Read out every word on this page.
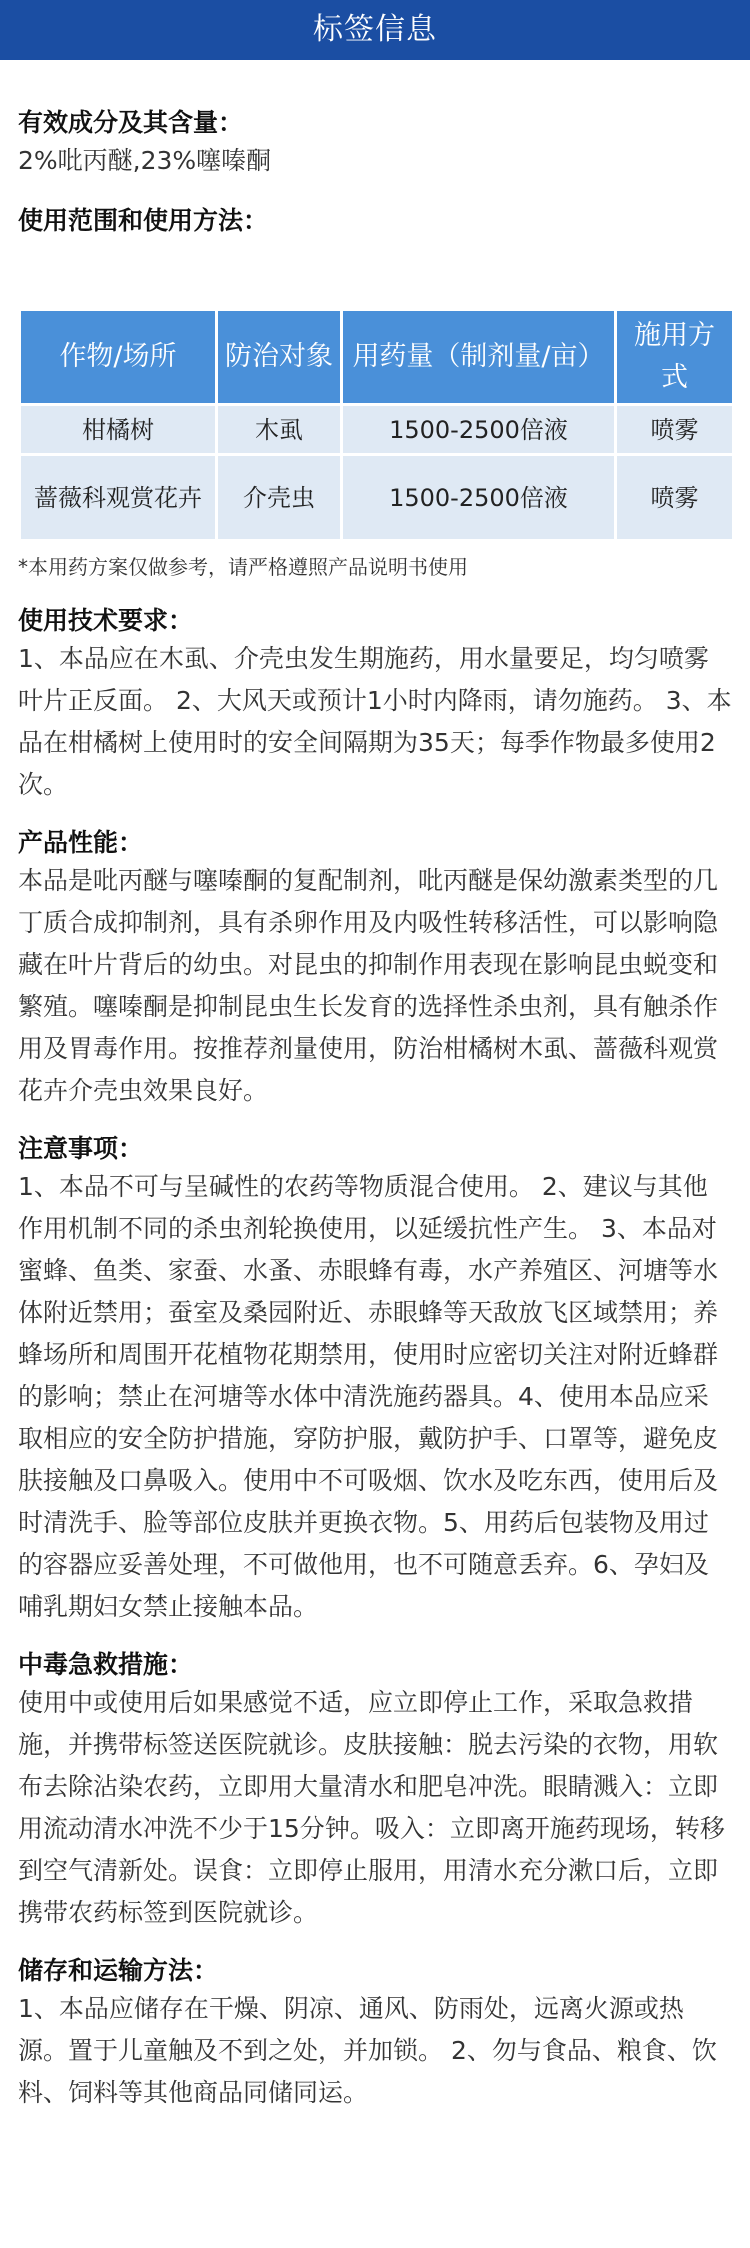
标签信息
有效成分及其含量：
2%吡丙醚,23%噻嗪酮
使用范围和使用方法：
作物/场所	防治对象	用药量（制剂量/亩）	施用方式
柑橘树	木虱	1500-2500倍液	喷雾
蔷薇科观赏花卉	介壳虫	1500-2500倍液	喷雾
*本用药方案仅做参考，请严格遵照产品说明书使用
使用技术要求：
1、本品应在木虱、介壳虫发生期施药，用水量要足，均匀喷雾叶片正反面。 2、大风天或预计1小时内降雨，请勿施药。 3、本品在柑橘树上使用时的安全间隔期为35天；每季作物最多使用2次。
产品性能：
本品是吡丙醚与噻嗪酮的复配制剂，吡丙醚是保幼激素类型的几丁质合成抑制剂，具有杀卵作用及内吸性转移活性，可以影响隐藏在叶片背后的幼虫。对昆虫的抑制作用表现在影响昆虫蜕变和繁殖。噻嗪酮是抑制昆虫生长发育的选择性杀虫剂，具有触杀作用及胃毒作用。按推荐剂量使用，防治柑橘树木虱、蔷薇科观赏花卉介壳虫效果良好。
注意事项：
1、本品不可与呈碱性的农药等物质混合使用。 2、建议与其他作用机制不同的杀虫剂轮换使用，以延缓抗性产生。 3、本品对蜜蜂、鱼类、家蚕、水蚤、赤眼蜂有毒，水产养殖区、河塘等水体附近禁用；蚕室及桑园附近、赤眼蜂等天敌放飞区域禁用；养蜂场所和周围开花植物花期禁用，使用时应密切关注对附近蜂群的影响；禁止在河塘等水体中清洗施药器具。4、使用本品应采取相应的安全防护措施，穿防护服，戴防护手、口罩等，避免皮肤接触及口鼻吸入。使用中不可吸烟、饮水及吃东西，使用后及时清洗手、脸等部位皮肤并更换衣物。5、用药后包装物及用过的容器应妥善处理，不可做他用，也不可随意丢弃。6、孕妇及哺乳期妇女禁止接触本品。
中毒急救措施：
使用中或使用后如果感觉不适，应立即停止工作，采取急救措施，并携带标签送医院就诊。皮肤接触：脱去污染的衣物，用软布去除沾染农药，立即用大量清水和肥皂冲洗。眼睛溅入：立即用流动清水冲洗不少于15分钟。吸入：立即离开施药现场，转移到空气清新处。误食：立即停止服用，用清水充分漱口后，立即携带农药标签到医院就诊。
储存和运输方法：
1、本品应储存在干燥、阴凉、通风、防雨处，远离火源或热源。置于儿童触及不到之处，并加锁。 2、勿与食品、粮食、饮料、饲料等其他商品同储同运。
